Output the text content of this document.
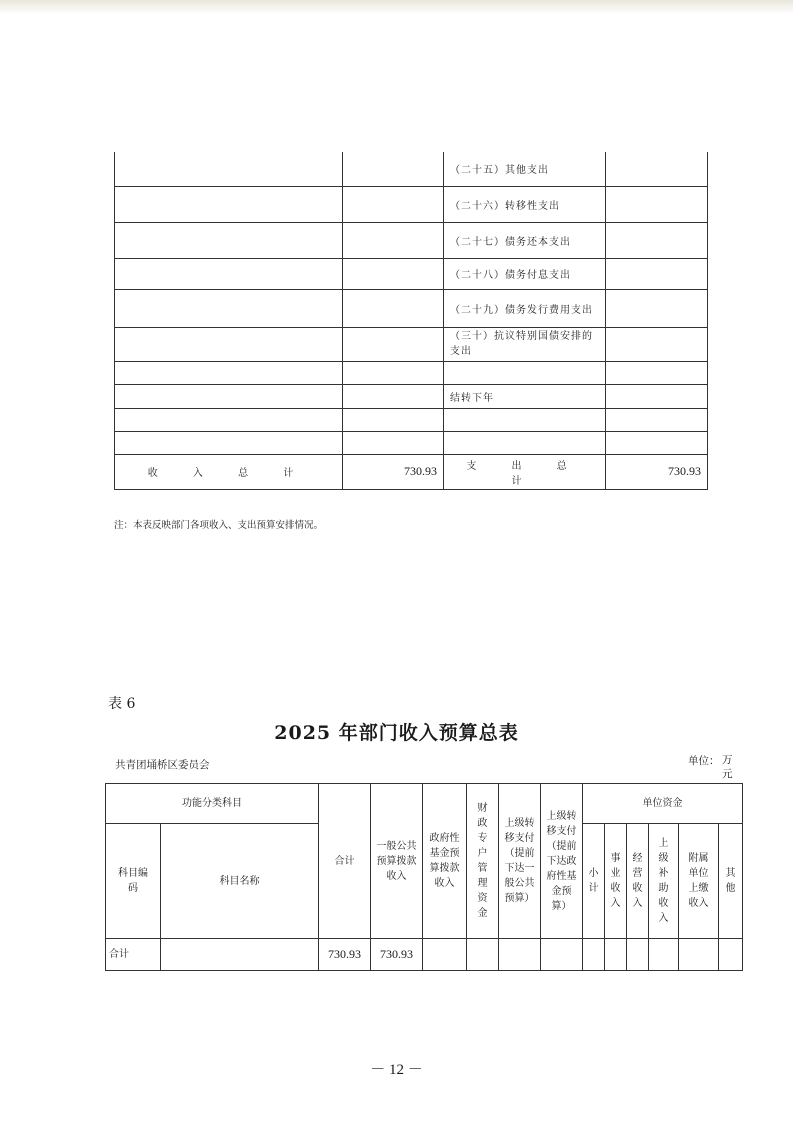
		（二十五）其他支出	
		（二十六）转移性支出	
		（二十七）债务还本支出	
		（二十八）债务付息支出	
		（二十九）债务发行费用支出	
		（三十）抗议特别国债安排的支出	

		结转下年	

收 入 总 计	730.93	支 出 总 计	730.93
注：本表反映部门各项收入、支出预算安排情况。
表 6
2025 年部门收入预算总表
共青团埇桥区委员会	单位： 万元
功能分类科目		合计	一般公共预算拨款收入	政府性基金预算拨款收入	财政专户管理资金	上级转移支付（提前下达一般公共预算）	上级转移支付（提前下达政府性基金预算）	单位资金					

科目编码	科目名称							小计	事业收入	经营收入	上级补助收入	附属单位上缴收入	其他

合计		730.93	730.93										
－ 12 －
